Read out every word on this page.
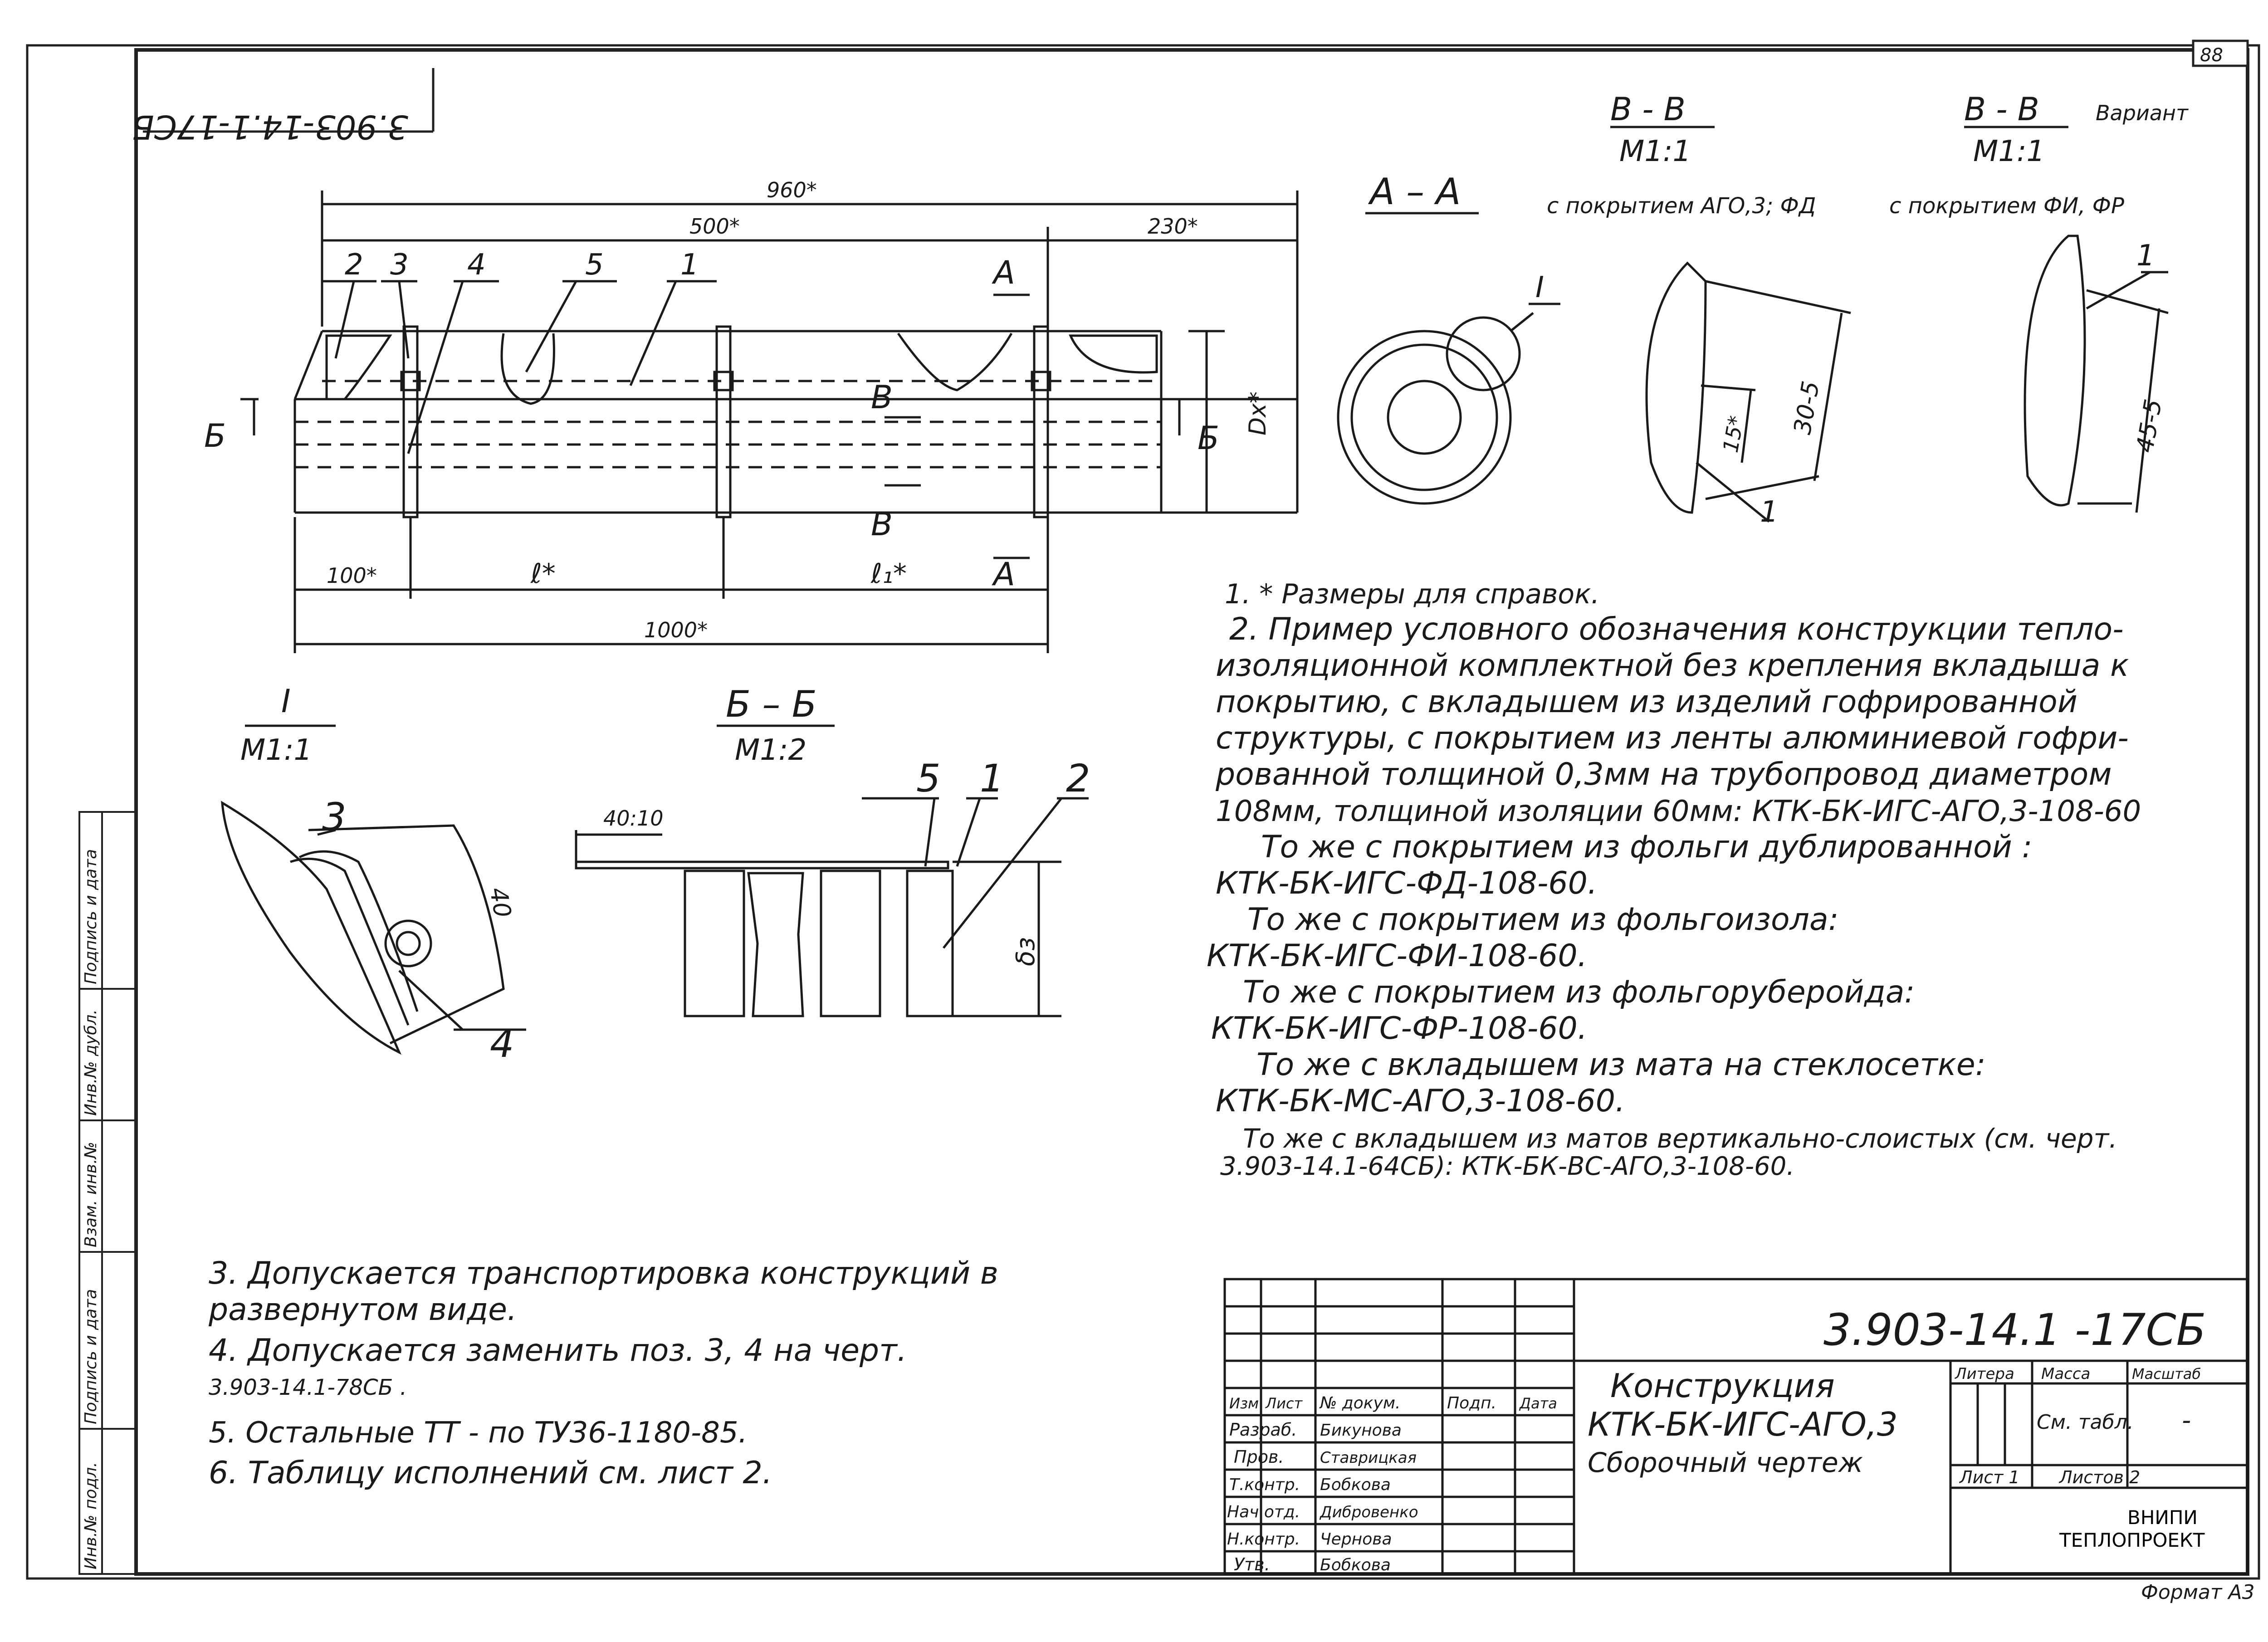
88
3.903-14.1-17СБ
Инв.№ подл.
Подпись и дата
Взам. инв.№
Инв.№ дубл.
Подпись и дата
960*
500*	230*
100*	ℓ*	ℓ₁*
1000*
Dx*
2 3 4	5	1
Б	Б
А
А
В
В
А – А
I
В - В
М1:1
с покрытием АГО,3; ФД
30-5
15*
1
В - В	Вариант
М1:1
с покрытием ФИ, ФР
45-5
1
I
М1:1
3
4
40
Б – Б
М1:2
40:10
5 1 2
δз
1. * Размеры для справок.
2. Пример условного обозначения конструкции тепло-
изоляционной комплектной без крепления вкладыша к
покрытию, с вкладышем из изделий гофрированной
структуры, с покрытием из ленты алюминиевой гофри-
рованной толщиной 0,3мм на трубопровод диаметром
108мм, толщиной изоляции 60мм: КТК-БК-ИГС-АГО,3-108-60
То же с покрытием из фольги дублированной :
КТК-БК-ИГС-ФД-108-60.
То же с покрытием из фольгоизола:
КТК-БК-ИГС-ФИ-108-60.
То же с покрытием из фольгоруберойда:
КТК-БК-ИГС-ФР-108-60.
То же с вкладышем из мата на стеклосетке:
КТК-БК-МС-АГО,3-108-60.
То же с вкладышем из матов вертикально-слоистых (см. черт.
3.903-14.1-64СБ): КТК-БК-ВС-АГО,3-108-60.
3. Допускается транспортировка конструкций в
развернутом виде.
4. Допускается заменить поз. 3, 4 на черт.
3.903-14.1-78СБ .
5. Остальные ТТ - по ТУ36-1180-85.
6. Таблицу исполнений см. лист 2.
3.903-14.1 -17СБ
Конструкция
КТК-БК-ИГС-АГО,3
Сборочный чертеж
Изм Лист № докум.	Подп. Дата
Разраб. Бикунова
Пров. Ставрицкая
Т.контр. Бобкова
Нач.отд. Дибровенко
Н.контр. Чернова
Утв.	Бобкова
Литера Масса	Масштаб
См. табл. -
Лист 1 Листов 2
ВНИПИ
ТЕПЛОПРОЕКТ
Формат А3
